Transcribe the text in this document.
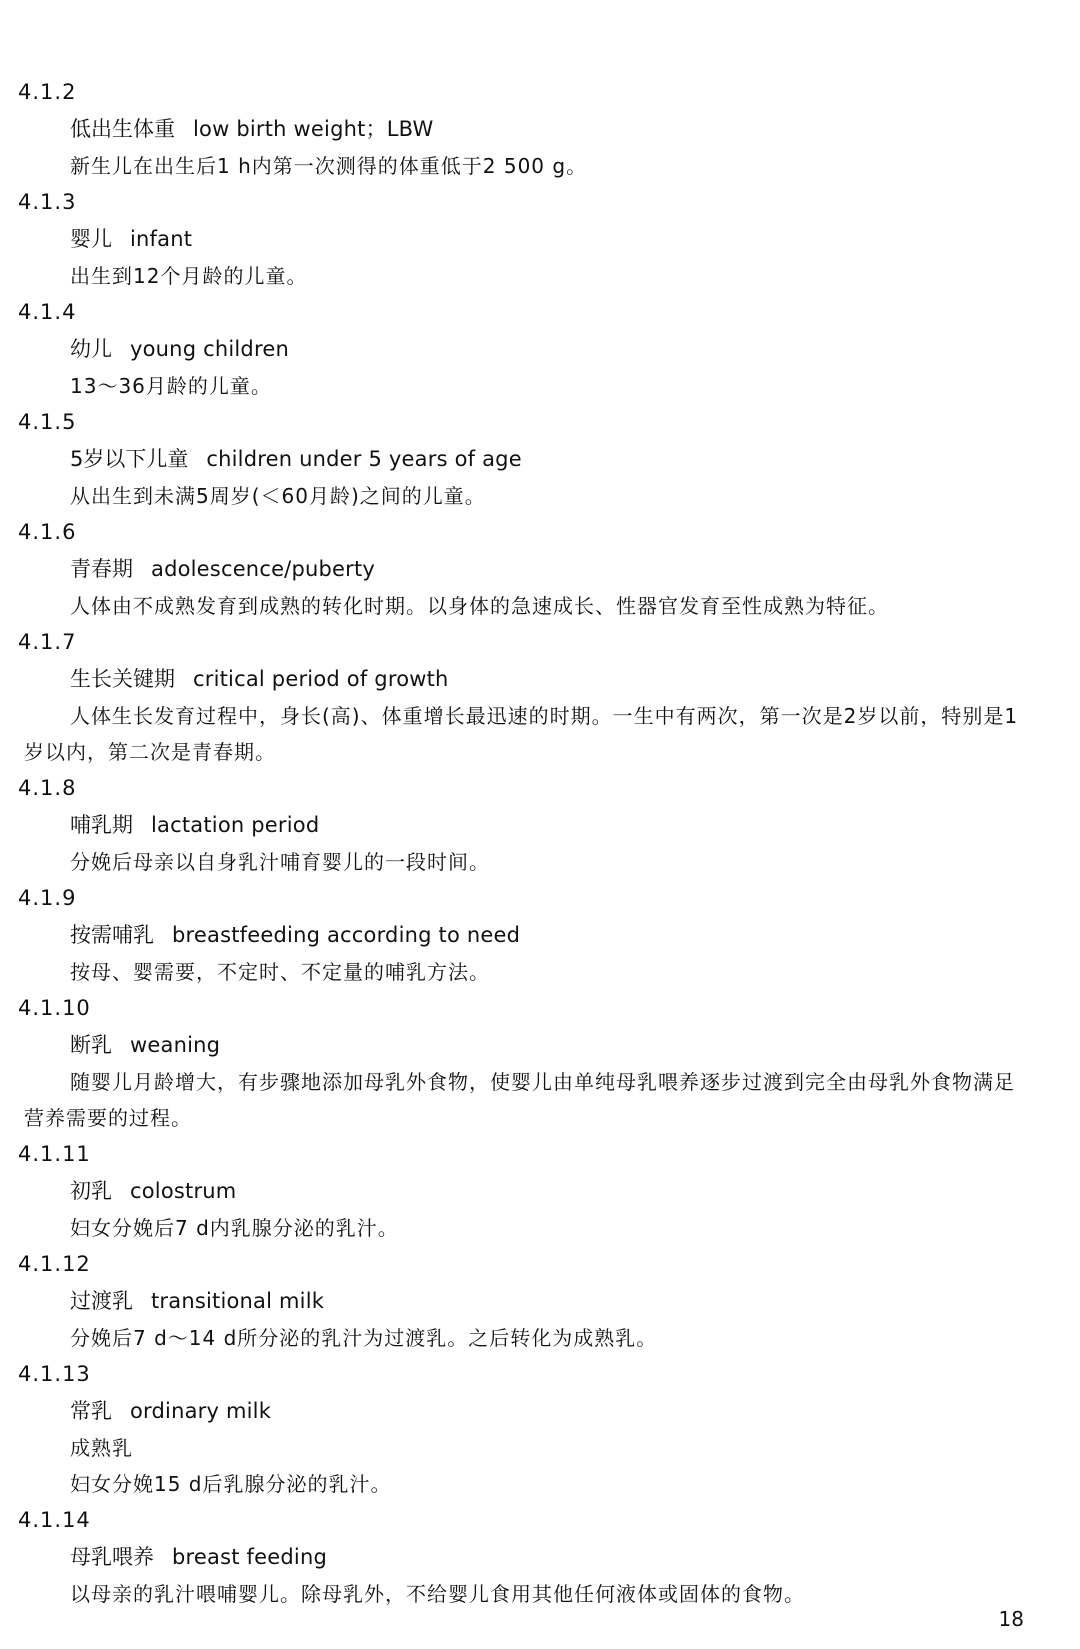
4.1.2
低出生体重 low birth weight；LBW
新生儿在出生后1 h内第一次测得的体重低于2 500 g。
4.1.3
婴儿 infant
出生到12个月龄的儿童。
4.1.4
幼儿 young children
13～36月龄的儿童。
4.1.5
5岁以下儿童 children under 5 years of age
从出生到未满5周岁(＜60月龄)之间的儿童。
4.1.6
青春期 adolescence/puberty
人体由不成熟发育到成熟的转化时期。以身体的急速成长、性器官发育至性成熟为特征。
4.1.7
生长关键期 critical period of growth
人体生长发育过程中，身长(高)、体重增长最迅速的时期。一生中有两次，第一次是2岁以前，特别是1岁以内，第二次是青春期。
4.1.8
哺乳期 lactation period
分娩后母亲以自身乳汁哺育婴儿的一段时间。
4.1.9
按需哺乳 breastfeeding according to need
按母、婴需要，不定时、不定量的哺乳方法。
4.1.10
断乳 weaning
随婴儿月龄增大，有步骤地添加母乳外食物，使婴儿由单纯母乳喂养逐步过渡到完全由母乳外食物满足营养需要的过程。
4.1.11
初乳 colostrum
妇女分娩后7 d内乳腺分泌的乳汁。
4.1.12
过渡乳 transitional milk
分娩后7 d～14 d所分泌的乳汁为过渡乳。之后转化为成熟乳。
4.1.13
常乳 ordinary milk
成熟乳
妇女分娩15 d后乳腺分泌的乳汁。
4.1.14
母乳喂养 breast feeding
以母亲的乳汁喂哺婴儿。除母乳外，不给婴儿食用其他任何液体或固体的食物。
18
